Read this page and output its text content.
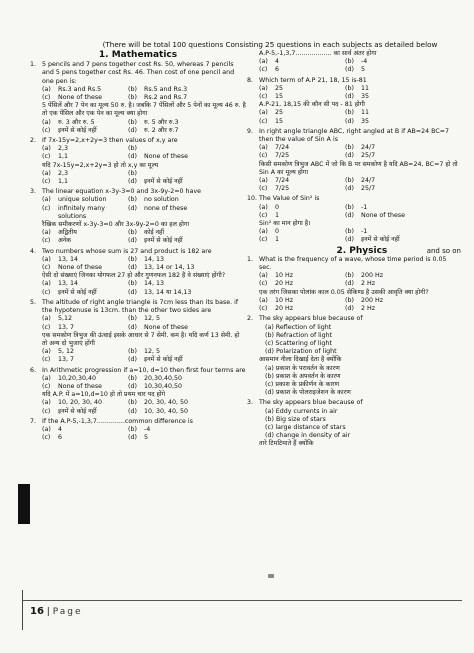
(There will be total 100 questions Consisting 25 questions in each subjects as detailed below
1. Mathematics
1. 5 pencils and 7 pens together cost Rs. 50, whereas 7 pencils and 5 pens together cost Rs. 46. Then cost of one pencil and one pen is:
(a)	Rs.3 and Rs.5	(b)	Rs.5 and Rs.3
(c)	None of these	(b)	Rs.2 and Rs.7
5 पेंसिलें और 7 पेन का मूल्य 50 रु. है। जबकि 7 पेंसिलों और 5 पेनों का मूल्य 46 रु. है तो एक पेंसिल और एक पेन का मूल्य क्या होगा
(a)	रु. 3 और रु. 5	(b)	रु. 5 और रु.3
(c)	इनमें से कोई नहीं	(d)	रु. 2 और रु.7
2. If 7x-15y=2,x+2y=3 then values of x,y are
(a)	2,3	(b)
(c)	1,1	(d)	None of these
यदि 7x-15y=2,x+2y=3 हो तो x,y का मूल्य
(a)	2,3	(b)
(c)	1,1	(d)	इनमें से कोई नहीं
3. The linear equation x-3y-3=0 and 3x-9y-2=0 have
(a)	unique solution	(b)	no solution
(c)	infinitely many solutions
(d)	none of these
रैखिक समीकरणों x-3y-3=0 और 3x-9y-2=0 का हल होगा
(a)	अद्वितीय	(b)	कोई नहीं
(c)	अनेक	(d)	इनमें से कोई नहीं
4. Two numbers whose sum is 27 and product is 182 are
(a)	13, 14	(b)	14, 13
(c)	None of these	(d)	13, 14 or 14, 13
ऐसी दो संख्याएं जिनका योगफल 27 हो और गुणनफल 182 है वे संख्याएं होंगी?
(a)	13, 14	(b)	14, 13
(c)	इनमें से कोई नहीं	(d)	13, 14 या 14,13
5. The altitude of right angle triangle is 7cm less than its base. if the hypotenuse is 13cm. than the other two sides are
(a)	5,12	(b)	12, 5
(c)	13, 7	(d)	None of these
एक समकोण त्रिभुज की ऊंचाई इसके आधार से 7 सेमी. कम है। यदि कर्ण 13 सेमी. हो तो अन्य दो भुजाएं होंगी
(a)	5, 12	(b)	12, 5
(c)	13, 7	(d)	इनमें से कोई नहीं
6. In Arithmetic progression if a=10, d=10 then first four terms are
(a)	10,20,30,40	(b)	20,30,40,50
(c)	None of these	(d)	10,30,40,50
यदि A.P. में a=10,d=10 हो तो प्रथम चार पद होंगे
(a)	10, 20, 30, 40	(b)	20, 30, 40, 50
(c)	इनमें से कोई नहीं	(d)	10, 30, 40, 50
7. If the A.P-5,-1,3,7..............common difference is
(a)	4	(b)	-4
(c)	6	(d)	5
A.P-5,-1,3,7.................. का सार्व अंतर होगा
(a)	4	(b)	-4
(c)	6	(d)	5
8. Which term of A.P 21, 18, 15 is-81
(a)	25	(b)	11
(c)	15	(d)	35
A.P-21, 18,15 की कौन सी पद - 81 होगी
(a)	25	(b)	11
(c)	15	(d)	35
9. In right angle triangle ABC, right angled at B if AB=24 BC=7 then the value of Sin A is
(a)	7/24	(b)	24/7
(c)	7/25	(d)	25/7
किसी समकोण त्रिभुज ABC में जो कि B पर समकोण है यदि AB=24, BC=7 हो तो Sin A का मूल्य होगा
(a)	7/24	(b)	24/7
(c)	7/25	(d)	25/7
10. The Value of Sin² is
(a)	0	(b)	-1
(c)	1	(d)	None of these
Sin² का मान होगा है।
(a)	0	(b)	-1
(c)	1	(d)	इनमें से कोई नहीं
2. Physics	and so on
1. What is the frequency of a wave, whose time period is 0.05 sec.
(a)	10 Hz	(b)	200 Hz
(c)	20 Hz	(d)	2 Hz
एक तरंग जिसका पोलांक काल 0.05 सेकिण्ड है उसकी आवृति क्या होगी?
(a)	10 Hz	(b)	200 Hz
(c)	20 Hz	(d)	2 Hz
2. The sky appears blue because of
(a) Reflection of light
(b) Refraction of light
(c) Scattering of light
(d) Polarization of light
आसमान नीला दिखाई देता है क्योंकि
(a) प्रकाश के परावर्तन के कारण
(b) प्रकाश के अपवर्तन के कारण
(c) प्रकाश के प्रकीर्णन के कारण
(d) प्रकाश के पोलराइजेशन के कारण
3. The sky appears blue because of
(a) Eddy currents in air
(b) Big size of stars
(c) large distance of stars
(d) change in density of air
तारे टिमटिमाते हैं क्योंकि
16 | Page
